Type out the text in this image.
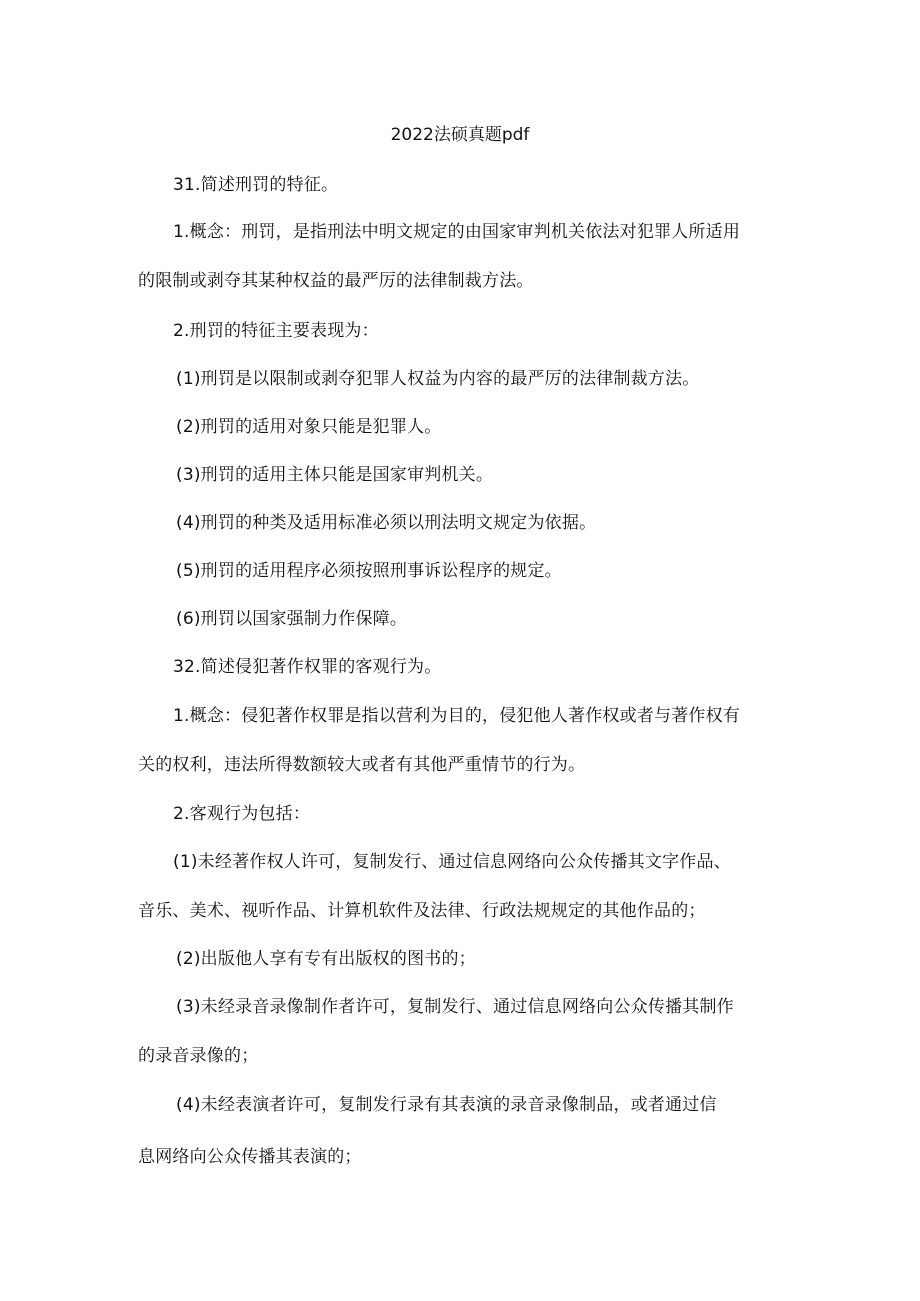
2022法硕真题pdf
31.简述刑罚的特征。
1.概念：刑罚，是指刑法中明文规定的由国家审判机关依法对犯罪人所适用
的限制或剥夺其某种权益的最严厉的法律制裁方法。
2.刑罚的特征主要表现为：
(1)刑罚是以限制或剥夺犯罪人权益为内容的最严厉的法律制裁方法。
(2)刑罚的适用对象只能是犯罪人。
(3)刑罚的适用主体只能是国家审判机关。
(4)刑罚的种类及适用标准必须以刑法明文规定为依据。
(5)刑罚的适用程序必须按照刑事诉讼程序的规定。
(6)刑罚以国家强制力作保障。
32.简述侵犯著作权罪的客观行为。
1.概念：侵犯著作权罪是指以营利为目的，侵犯他人著作权或者与著作权有
关的权利，违法所得数额较大或者有其他严重情节的行为。
2.客观行为包括：
(1)未经著作权人许可，复制发行、通过信息网络向公众传播其文字作品、
音乐、美术、视听作品、计算机软件及法律、行政法规规定的其他作品的；
(2)出版他人享有专有出版权的图书的；
(3)未经录音录像制作者许可，复制发行、通过信息网络向公众传播其制作
的录音录像的；
(4)未经表演者许可，复制发行录有其表演的录音录像制品，或者通过信
息网络向公众传播其表演的；
